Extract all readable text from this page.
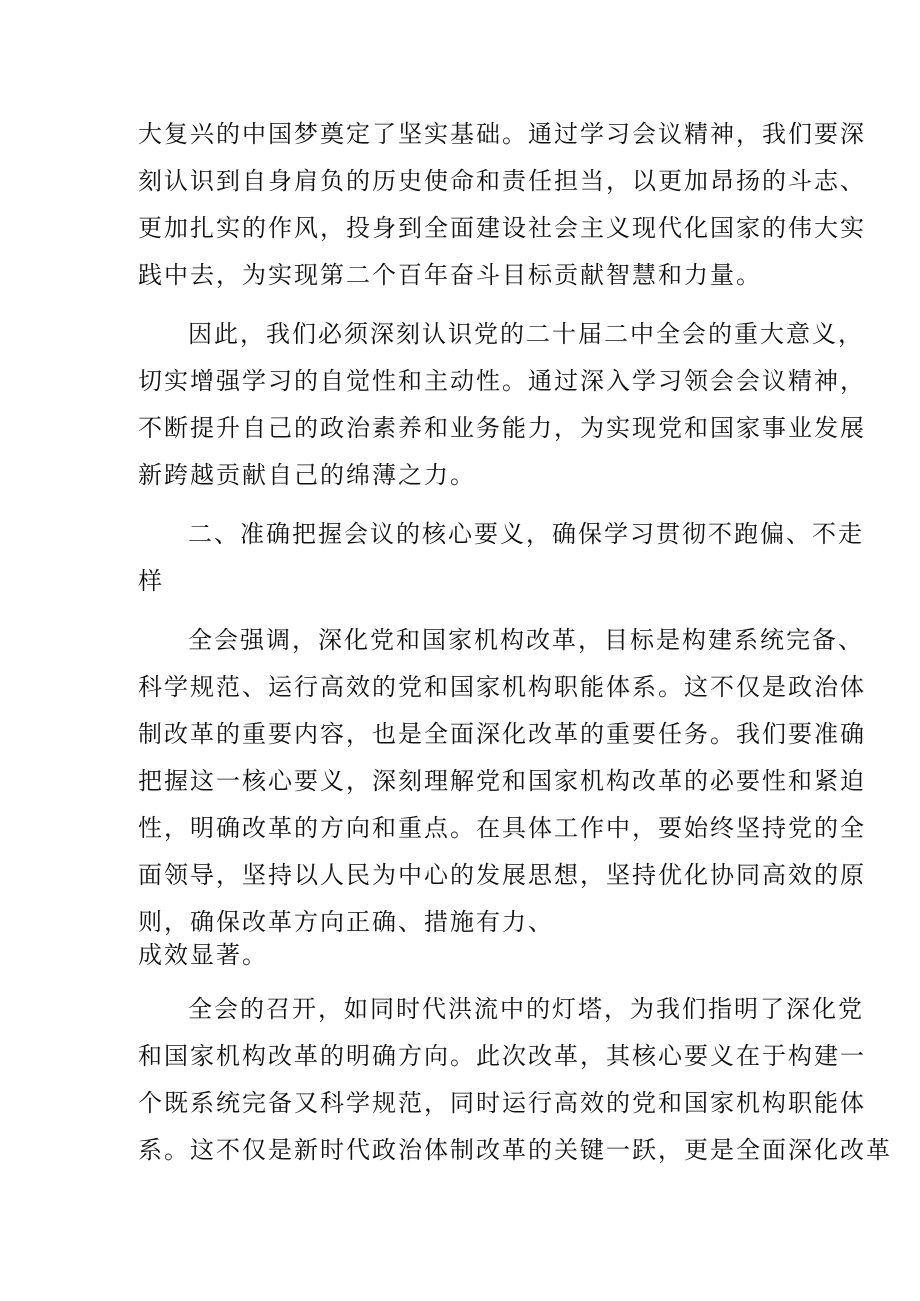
大复兴的中国梦奠定了坚实基础。通过学习会议精神，我们要深
刻认识到自身肩负的历史使命和责任担当，以更加昂扬的斗志、
更加扎实的作风，投身到全面建设社会主义现代化国家的伟大实
践中去，为实现第二个百年奋斗目标贡献智慧和力量。
因此，我们必须深刻认识党的二十届二中全会的重大意义，
切实增强学习的自觉性和主动性。通过深入学习领会会议精神，
不断提升自己的政治素养和业务能力，为实现党和国家事业发展
新跨越贡献自己的绵薄之力。
二、准确把握会议的核心要义，确保学习贯彻不跑偏、不走
样
全会强调，深化党和国家机构改革，目标是构建系统完备、
科学规范、运行高效的党和国家机构职能体系。这不仅是政治体
制改革的重要内容，也是全面深化改革的重要任务。我们要准确
把握这一核心要义，深刻理解党和国家机构改革的必要性和紧迫
性，明确改革的方向和重点。在具体工作中，要始终坚持党的全
面领导，坚持以人民为中心的发展思想，坚持优化协同高效的原
则，确保改革方向正确、措施有力、
成效显著。
全会的召开，如同时代洪流中的灯塔，为我们指明了深化党
和国家机构改革的明确方向。此次改革，其核心要义在于构建一
个既系统完备又科学规范，同时运行高效的党和国家机构职能体
系。这不仅是新时代政治体制改革的关键一跃，更是全面深化改革
